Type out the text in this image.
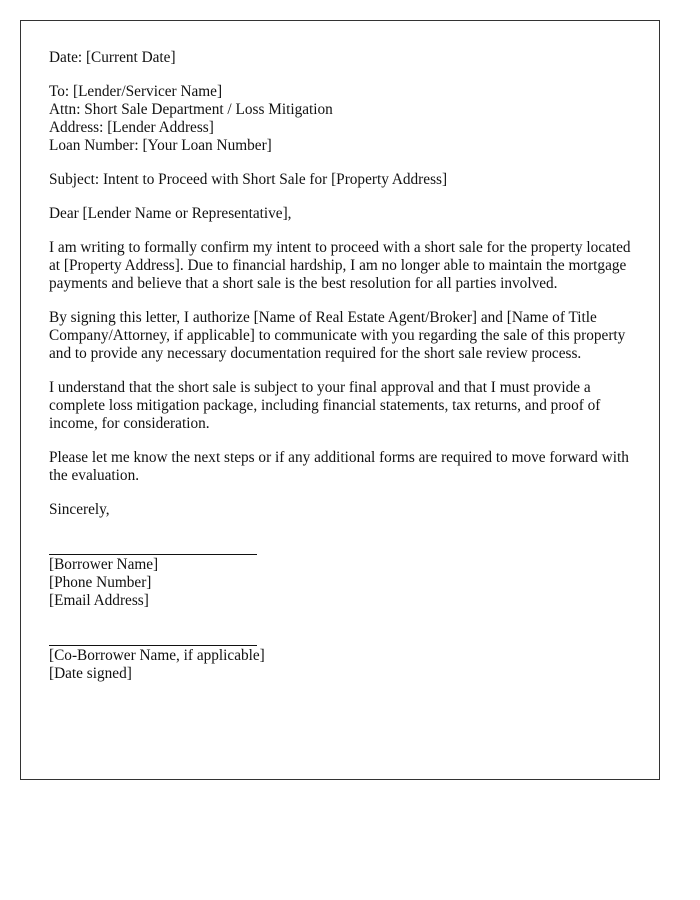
Date: [Current Date]
To: [Lender/Servicer Name]
Attn: Short Sale Department / Loss Mitigation
Address: [Lender Address]
Loan Number: [Your Loan Number]
Subject: Intent to Proceed with Short Sale for [Property Address]
Dear [Lender Name or Representative],

I am writing to formally confirm my intent to proceed with a short sale for the property located at [Property Address]. Due to financial hardship, I am no longer able to maintain the mortgage payments and believe that a short sale is the best resolution for all parties involved.

By signing this letter, I authorize [Name of Real Estate Agent/Broker] and [Name of Title Company/Attorney, if applicable] to communicate with you regarding the sale of this property and to provide any necessary documentation required for the short sale review process.

I understand that the short sale is subject to your final approval and that I must provide a complete loss mitigation package, including financial statements, tax returns, and proof of income, for consideration.

Please let me know the next steps or if any additional forms are required to move forward with the evaluation.

Sincerely,
[Borrower Name]
[Phone Number]
[Email Address]
[Co-Borrower Name, if applicable]
[Date signed]
